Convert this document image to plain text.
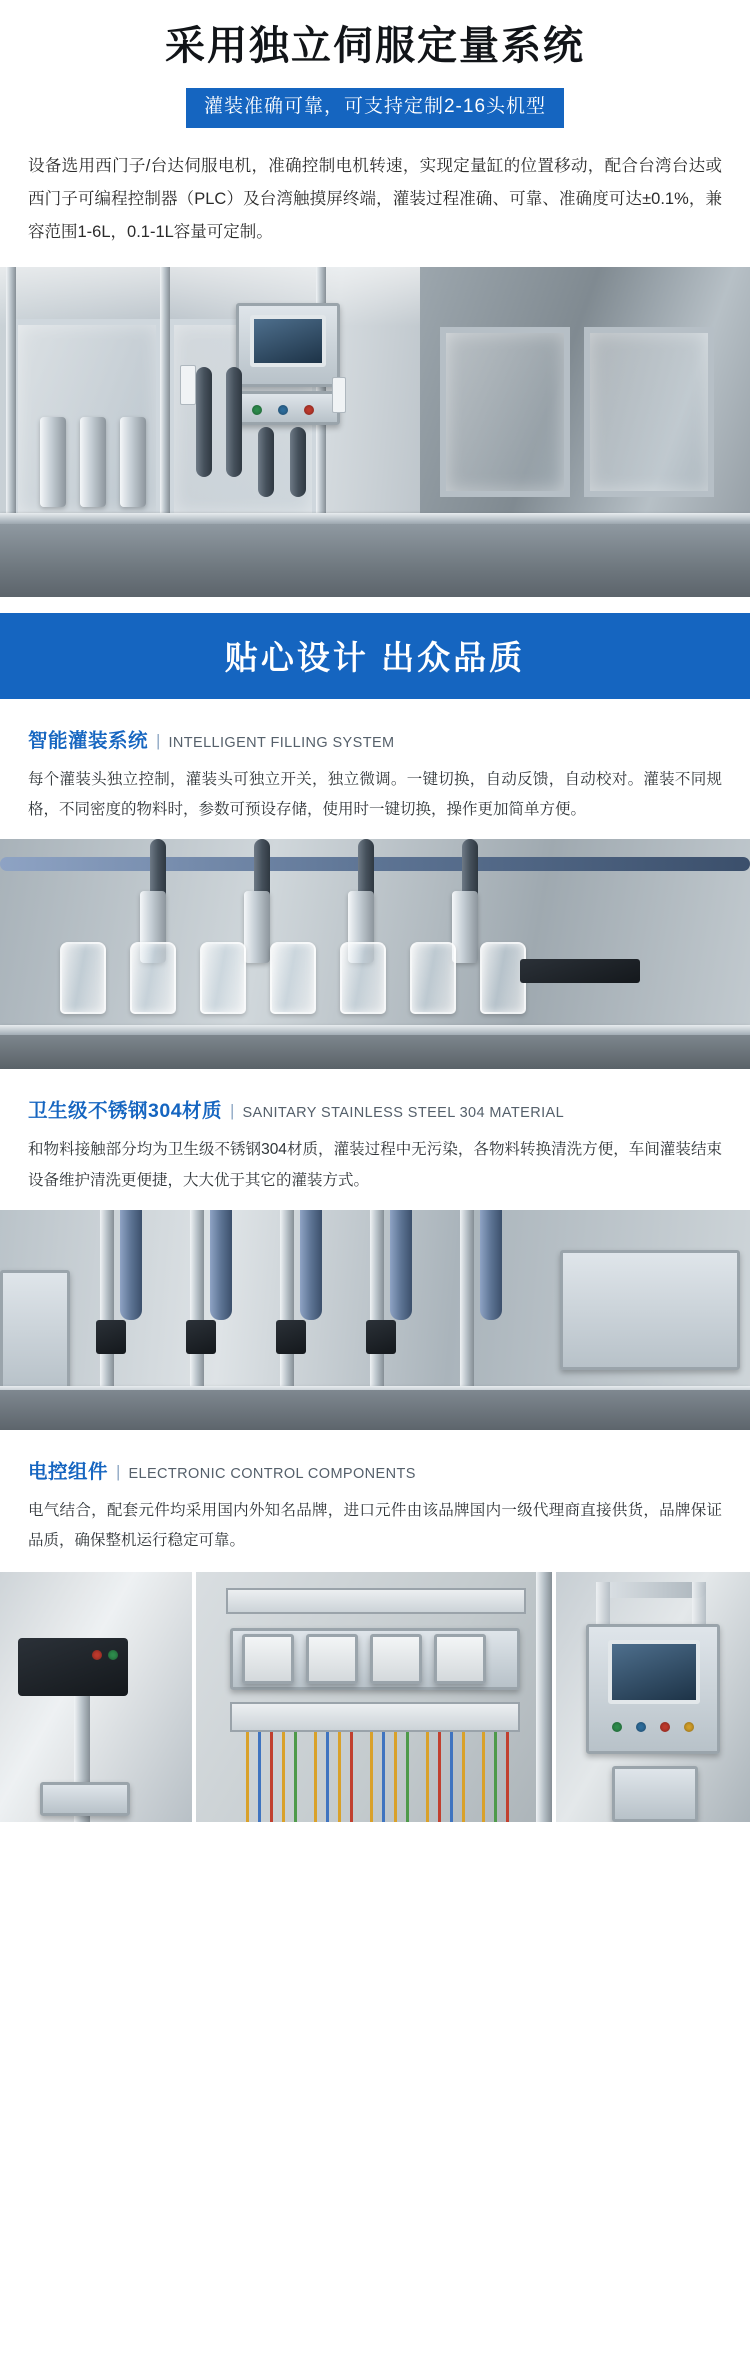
采用独立伺服定量系统
灌装准确可靠，可支持定制2-16头机型
设备选用西门子/台达伺服电机，准确控制电机转速，实现定量缸的位置移动，配合台湾台达或西门子可编程控制器（PLC）及台湾触摸屏终端，灌装过程准确、可靠、准确度可达±0.1%，兼容范围1-6L，0.1-1L容量可定制。
贴心设计 出众品质
智能灌装系统 | INTELLIGENT FILLING SYSTEM
每个灌装头独立控制，灌装头可独立开关，独立微调。一键切换，自动反馈，自动校对。灌装不同规格，不同密度的物料时，参数可预设存储，使用时一键切换，操作更加简单方便。
卫生级不锈钢304材质 | SANITARY STAINLESS STEEL 304 MATERIAL
和物料接触部分均为卫生级不锈钢304材质，灌装过程中无污染，各物料转换清洗方便，车间灌装结束设备维护清洗更便捷，大大优于其它的灌装方式。
电控组件 | ELECTRONIC CONTROL COMPONENTS
电气结合，配套元件均采用国内外知名品牌，进口元件由该品牌国内一级代理商直接供货，品牌保证品质，确保整机运行稳定可靠。
